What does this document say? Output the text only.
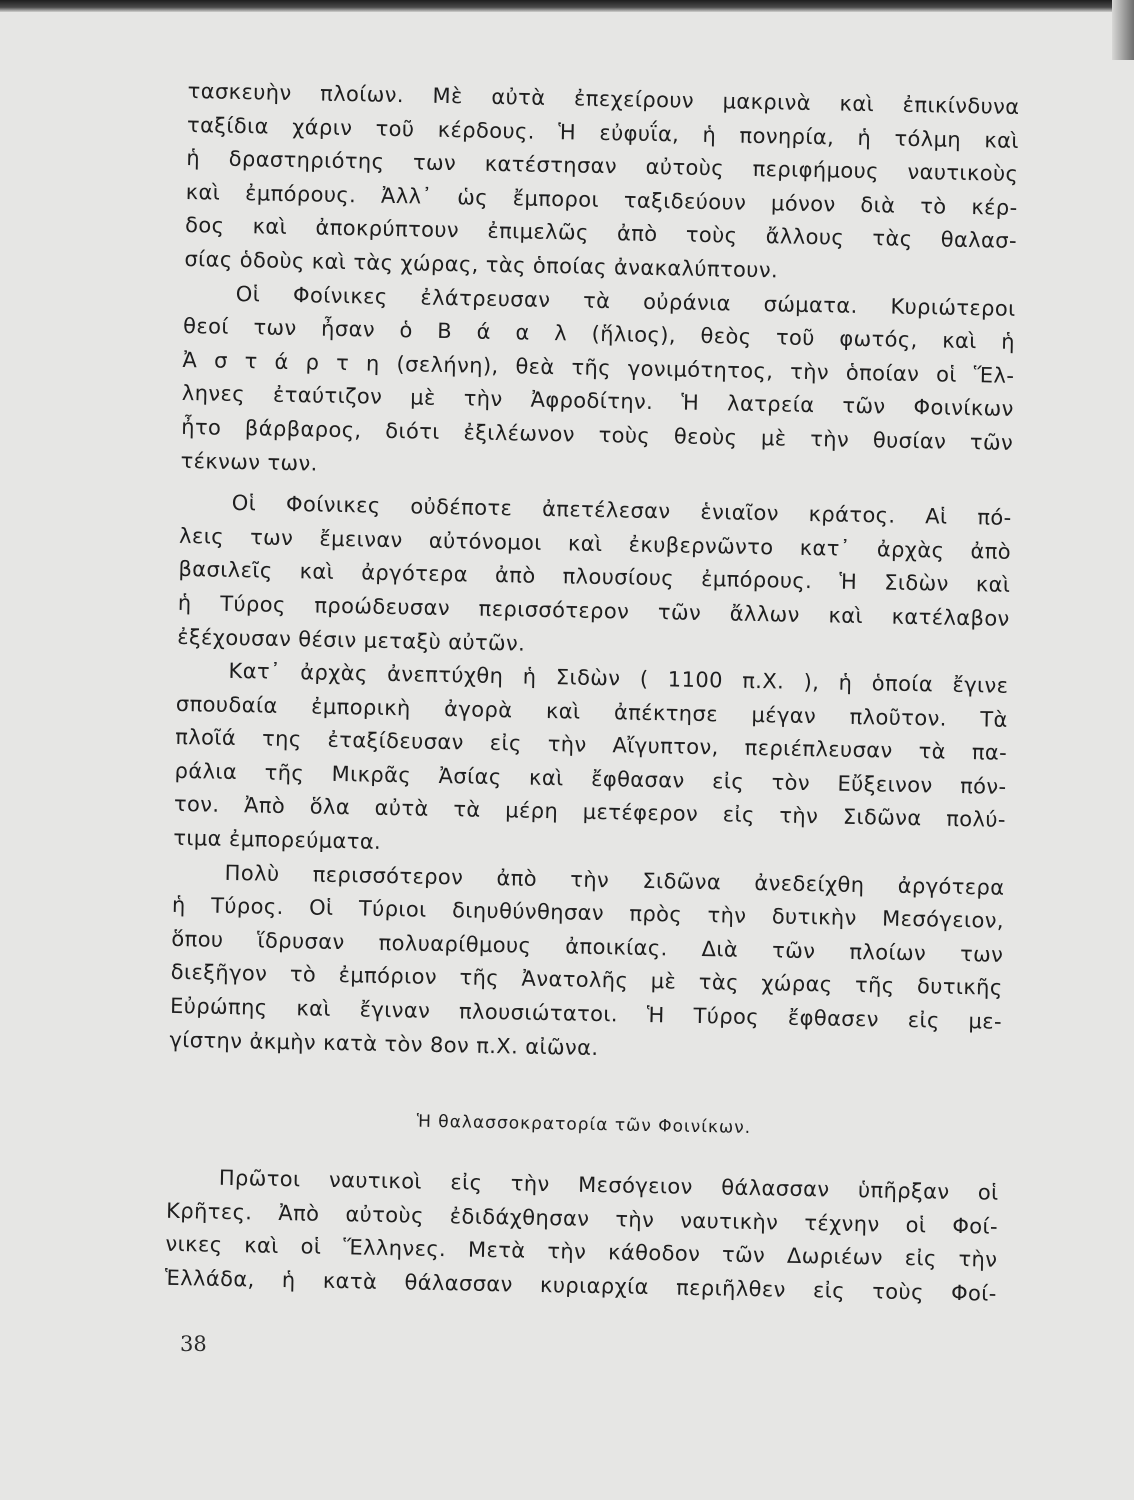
τασκευὴν πλοίων. Μὲ αὐτὰ ἐπεχείρουν μακρινὰ καὶ ἐπικίνδυνα
ταξίδια χάριν τοῦ κέρδους. Ἡ εὐφυΐα, ἡ πονηρία, ἡ τόλμη καὶ
ἡ δραστηριότης των κατέστησαν αὐτοὺς περιφήμους ναυτικοὺς
καὶ ἐμπόρους. Ἀλλ᾽ ὡς ἔμποροι ταξιδεύουν μόνον διὰ τὸ κέρ-
δος καὶ ἀποκρύπτουν ἐπιμελῶς ἀπὸ τοὺς ἄλλους τὰς θαλασ-
σίας ὁδοὺς καὶ τὰς χώρας, τὰς ὁποίας ἀνακαλύπτουν.
Οἱ Φοίνικες ἐλάτρευσαν τὰ οὐράνια σώματα. Κυριώτεροι
θεοί των ἦσαν ὁ Β ά α λ (ἥλιος), θεὸς τοῦ φωτός, καὶ ἡ
Ἀ σ τ ά ρ τ η (σελήνη), θεὰ τῆς γονιμότητος, τὴν ὁποίαν οἱ Ἕλ-
ληνες ἐταύτιζον μὲ τὴν Ἀφροδίτην. Ἡ λατρεία τῶν Φοινίκων
ἦτο βάρβαρος, διότι ἐξιλέωνον τοὺς θεοὺς μὲ τὴν θυσίαν τῶν
τέκνων των.
Οἱ Φοίνικες οὐδέποτε ἀπετέλεσαν ἑνιαῖον κράτος. Αἱ πό-
λεις των ἔμειναν αὐτόνομοι καὶ ἐκυβερνῶντο κατ᾽ ἀρχὰς ἀπὸ
βασιλεῖς καὶ ἀργότερα ἀπὸ πλουσίους ἐμπόρους. Ἡ Σιδὼν καὶ
ἡ Τύρος προώδευσαν περισσότερον τῶν ἄλλων καὶ κατέλαβον
ἐξέχουσαν θέσιν μεταξὺ αὐτῶν.
Κατ᾽ ἀρχὰς ἀνεπτύχθη ἡ Σιδὼν ( 1100 π.Χ. ), ἡ ὁποία ἔγινε
σπουδαία ἐμπορικὴ ἀγορὰ καὶ ἀπέκτησε μέγαν πλοῦτον. Τὰ
πλοῖά της ἐταξίδευσαν εἰς τὴν Αἴγυπτον, περιέπλευσαν τὰ πα-
ράλια τῆς Μικρᾶς Ἀσίας καὶ ἔφθασαν εἰς τὸν Εὔξεινον πόν-
τον. Ἀπὸ ὅλα αὐτὰ τὰ μέρη μετέφερον εἰς τὴν Σιδῶνα πολύ-
τιμα ἐμπορεύματα.
Πολὺ περισσότερον ἀπὸ τὴν Σιδῶνα ἀνεδείχθη ἀργότερα
ἡ Τύρος. Οἱ Τύριοι διηυθύνθησαν πρὸς τὴν δυτικὴν Μεσόγειον,
ὅπου ἵδρυσαν πολυαρίθμους ἀποικίας. Διὰ τῶν πλοίων των
διεξῆγον τὸ ἐμπόριον τῆς Ἀνατολῆς μὲ τὰς χώρας τῆς δυτικῆς
Εὐρώπης καὶ ἔγιναν πλουσιώτατοι. Ἡ Τύρος ἔφθασεν εἰς με-
γίστην ἀκμὴν κατὰ τὸν 8ον π.Χ. αἰῶνα.
Ἡ θαλασσοκρατορία τῶν Φοινίκων.
Πρῶτοι ναυτικοὶ εἰς τὴν Μεσόγειον θάλασσαν ὑπῆρξαν οἱ
Κρῆτες. Ἀπὸ αὐτοὺς ἐδιδάχθησαν τὴν ναυτικὴν τέχνην οἱ Φοί-
νικες καὶ οἱ Ἕλληνες. Μετὰ τὴν κάθοδον τῶν Δωριέων εἰς τὴν
Ἑλλάδα, ἡ κατὰ θάλασσαν κυριαρχία περιῆλθεν εἰς τοὺς Φοί-
38
